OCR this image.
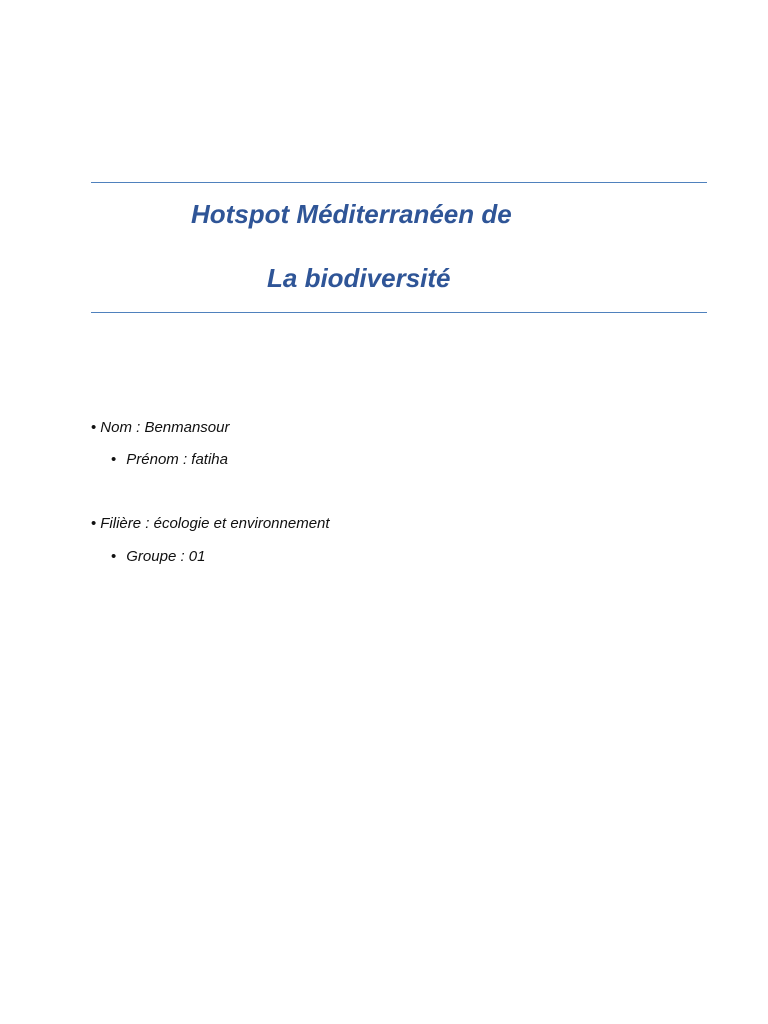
Hotspot Méditerranéen de
La biodiversité
• Nom : Benmansour
• Prénom : fatiha
• Filière : écologie et environnement
• Groupe : 01
